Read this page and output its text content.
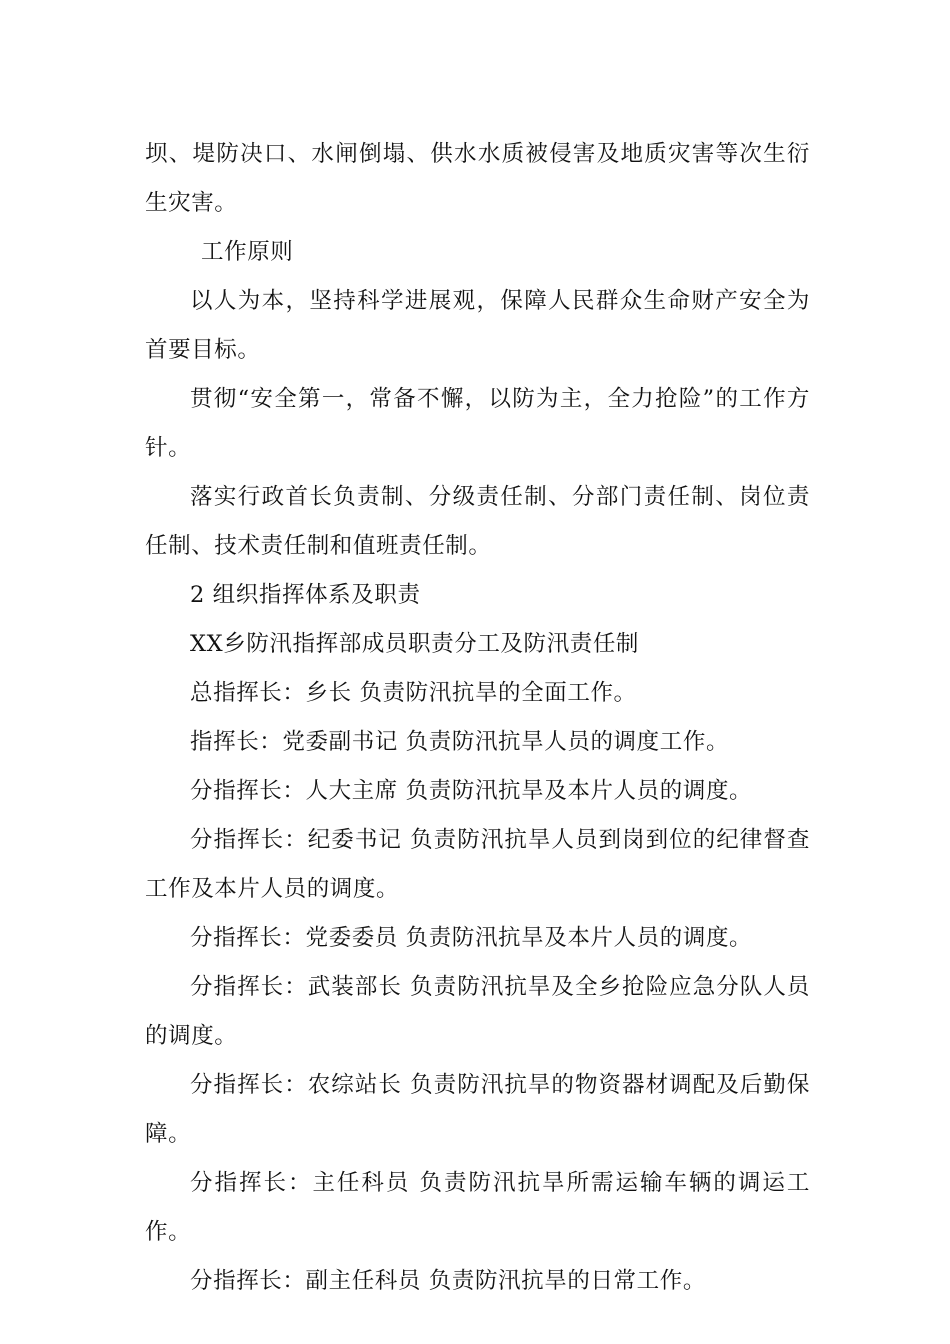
坝、堤防决口、水闸倒塌、供水水质被侵害及地质灾害等次生衍生灾害。

工作原则

以人为本，坚持科学进展观，保障人民群众生命财产安全为首要目标。

贯彻“安全第一，常备不懈，以防为主，全力抢险”的工作方针。

落实行政首长负责制、分级责任制、分部门责任制、岗位责任制、技术责任制和值班责任制。

2 组织指挥体系及职责

XX乡防汛指挥部成员职责分工及防汛责任制

总指挥长：乡长 负责防汛抗旱的全面工作。

指挥长：党委副书记 负责防汛抗旱人员的调度工作。

分指挥长：人大主席 负责防汛抗旱及本片人员的调度。

分指挥长：纪委书记 负责防汛抗旱人员到岗到位的纪律督查工作及本片人员的调度。

分指挥长：党委委员 负责防汛抗旱及本片人员的调度。

分指挥长：武装部长 负责防汛抗旱及全乡抢险应急分队人员的调度。

分指挥长：农综站长 负责防汛抗旱的物资器材调配及后勤保障。

分指挥长：主任科员 负责防汛抗旱所需运输车辆的调运工作。

分指挥长：副主任科员 负责防汛抗旱的日常工作。
